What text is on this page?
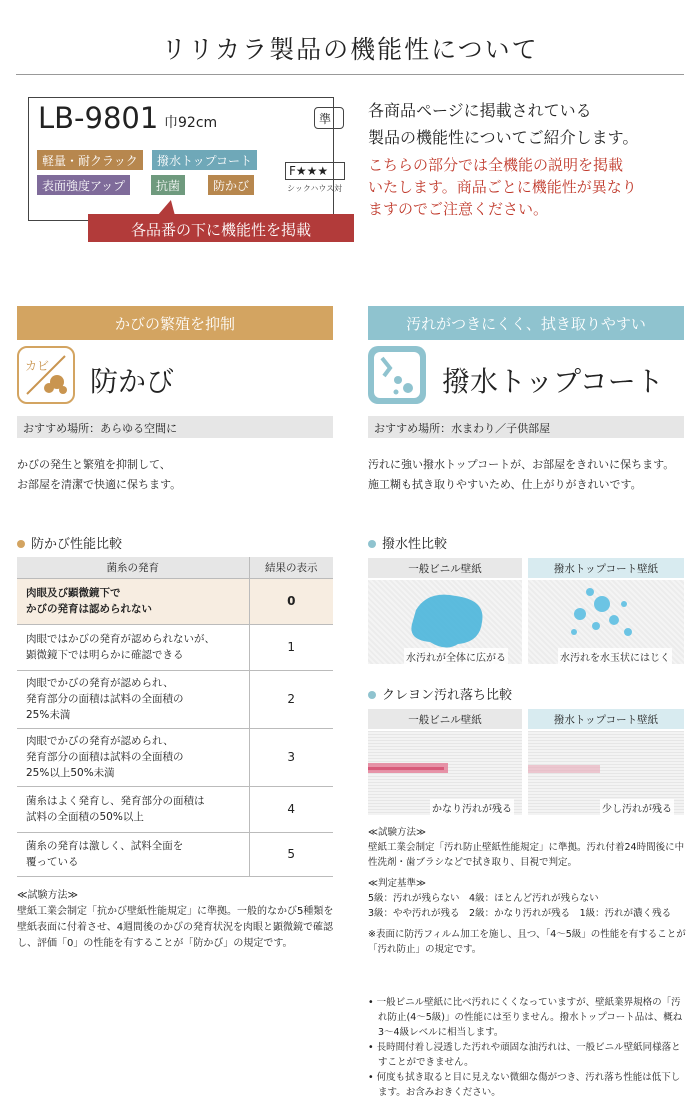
リリカラ製品の機能性について
LB-9801 巾92cm	準
軽量・耐クラック	撥水トップコート
表面強度アップ	抗菌	防かび
F★★★
シックハウス対
各品番の下に機能性を掲載
各商品ページに掲載されている
製品の機能性についてご紹介します。
こちらの部分では全機能の説明を掲載
いたします。商品ごとに機能性が異なり
ますのでご注意ください。
かびの繁殖を抑制
カビ 防かび
おすすめ場所：あらゆる空間に
かびの発生と繁殖を抑制して、
お部屋を清潔で快適に保ちます。
防かび性能比較
菌糸の発育	結果の表示

肉眼及び顕微鏡下で
かびの発育は認められない	0

肉眼ではかびの発育が認められないが、
顕微鏡下では明らかに確認できる	1

肉眼でかびの発育が認められ、
発育部分の面積は試料の全面積の
25%未満	2

肉眼でかびの発育が認められ、
発育部分の面積は試料の全面積の
25%以上50%未満	3

菌糸はよく発育し、発育部分の面積は
試料の全面積の50%以上	4

菌糸の発育は激しく、試料全面を
覆っている	5
≪試験方法≫
壁紙工業会制定「抗かび壁紙性能規定」に準拠。一般的なかび5種類を壁紙表面に付着させ、4週間後のかびの発育状況を肉眼と顕微鏡で確認し、評価「0」の性能を有することが「防かび」の規定です。
汚れがつきにくく、拭き取りやすい
撥水トップコート
おすすめ場所：水まわり／子供部屋
汚れに強い撥水トップコートが、お部屋をきれいに保ちます。
施工糊も拭き取りやすいため、仕上がりがきれいです。
撥水性比較
一般ビニル壁紙	撥水トップコート壁紙
水汚れが全体に広がる	水汚れを水玉状にはじく
クレヨン汚れ落ち比較
一般ビニル壁紙	撥水トップコート壁紙
かなり汚れが残る	少し汚れが残る
≪試験方法≫
壁紙工業会制定「汚れ防止壁紙性能規定」に準拠。汚れ付着24時間後に中性洗剤・歯ブラシなどで拭き取り、目視で判定。
≪判定基準≫
5級：汚れが残らない　4級：ほとんど汚れが残らない
3級：やや汚れが残る　2級：かなり汚れが残る　1級：汚れが濃く残る
※表面に防汚フィルム加工を施し、且つ、「4〜5級」の性能を有することが「汚れ防止」の規定です。
• 一般ビニル壁紙に比べ汚れにくくなっていますが、壁紙業界規格の「汚れ防止(4〜5級)」の性能には至りません。撥水トップコート品は、概ね3〜4級レベルに相当します。
• 長時間付着し浸透した汚れや頑固な油汚れは、一般ビニル壁紙同様落とすことができません。
• 何度も拭き取ると目に見えない微細な傷がつき、汚れ落ち性能は低下します。お含みおきください。
